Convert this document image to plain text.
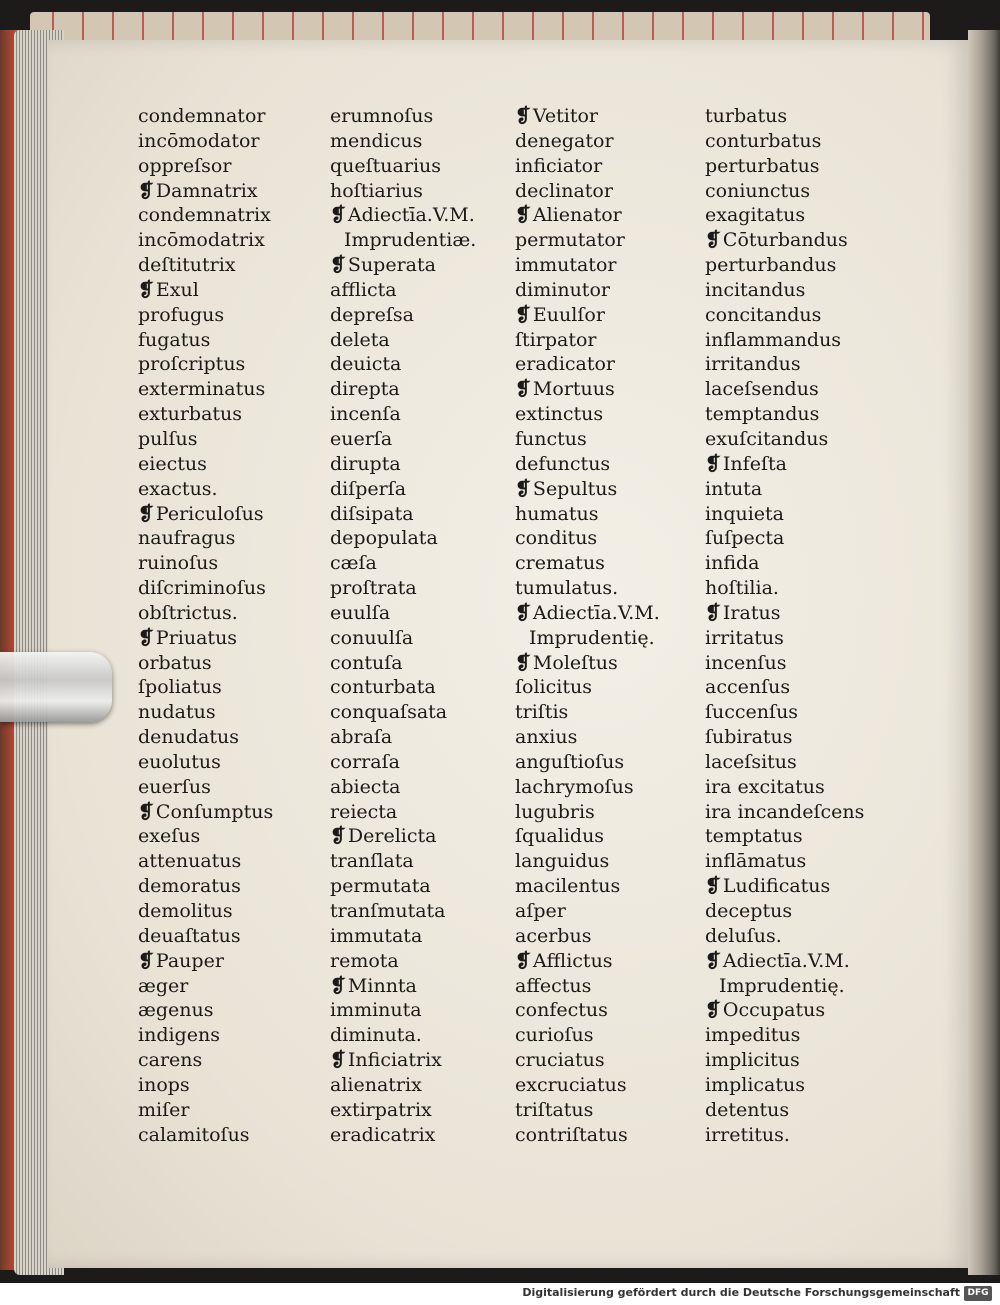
condemnator
incōmodator
oppreſsor
❡ Damnatrix
condemnatrix
incōmodatrix
deſtitutrix
❡ Exul
profugus
fugatus
proſcriptus
exterminatus
exturbatus
pulſus
eiectus
exactus.
❡ Periculoſus
naufragus
ruinoſus
diſcriminoſus
obſtrictus.
❡ Priuatus
orbatus
ſpoliatus
nudatus
denudatus
euolutus
euerſus
❡ Conſumptus
exeſus
attenuatus
demoratus
demolitus
deuaſtatus
❡ Pauper
æger
ægenus
indigens
carens
inops
miſer
calamitoſus
erumnoſus
mendicus
queſtuarius
hoſtiarius
❡ Adiectīa.V.M.
Imprudentiæ.
❡ Superata
afflicta
depreſsa
deleta
deuicta
direpta
incenſa
euerſa
dirupta
diſperſa
diſsipata
depopulata
cæſa
proſtrata
euulſa
conuulſa
contuſa
conturbata
conquaſsata
abraſa
corraſa
abiecta
reiecta
❡ Derelicta
tranſlata
permutata
tranſmutata
immutata
remota
❡ Minnta
imminuta
diminuta.
❡ Inficiatrix
alienatrix
extirpatrix
eradicatrix
❡ Vetitor
denegator
inficiator
declinator
❡ Alienator
permutator
immutator
diminutor
❡ Euulſor
ſtirpator
eradicator
❡ Mortuus
extinctus
functus
defunctus
❡ Sepultus
humatus
conditus
crematus
tumulatus.
❡ Adiectīa.V.M.
Imprudentię.
❡ Moleſtus
ſolicitus
triſtis
anxius
anguſtioſus
lachrymoſus
lugubris
ſqualidus
languidus
macilentus
aſper
acerbus
❡ Afflictus
affectus
confectus
curioſus
cruciatus
excruciatus
triſtatus
contriſtatus
turbatus
conturbatus
perturbatus
coniunctus
exagitatus
❡ Cōturbandus
perturbandus
incitandus
concitandus
inflammandus
irritandus
laceſsendus
temptandus
exuſcitandus
❡ Infeſta
intuta
inquieta
ſuſpecta
infida
hoſtilia.
❡ Iratus
irritatus
incenſus
accenſus
ſuccenſus
ſubiratus
laceſsitus
ira excitatus
ira incandeſcens
temptatus
inflāmatus
❡ Ludificatus
deceptus
deluſus.
❡ Adiectīa.V.M.
Imprudentię.
❡ Occupatus
impeditus
implicitus
implicatus
detentus
irretitus.
Digitalisierung gefördert durch die Deutsche Forschungsgemeinschaft DFG
